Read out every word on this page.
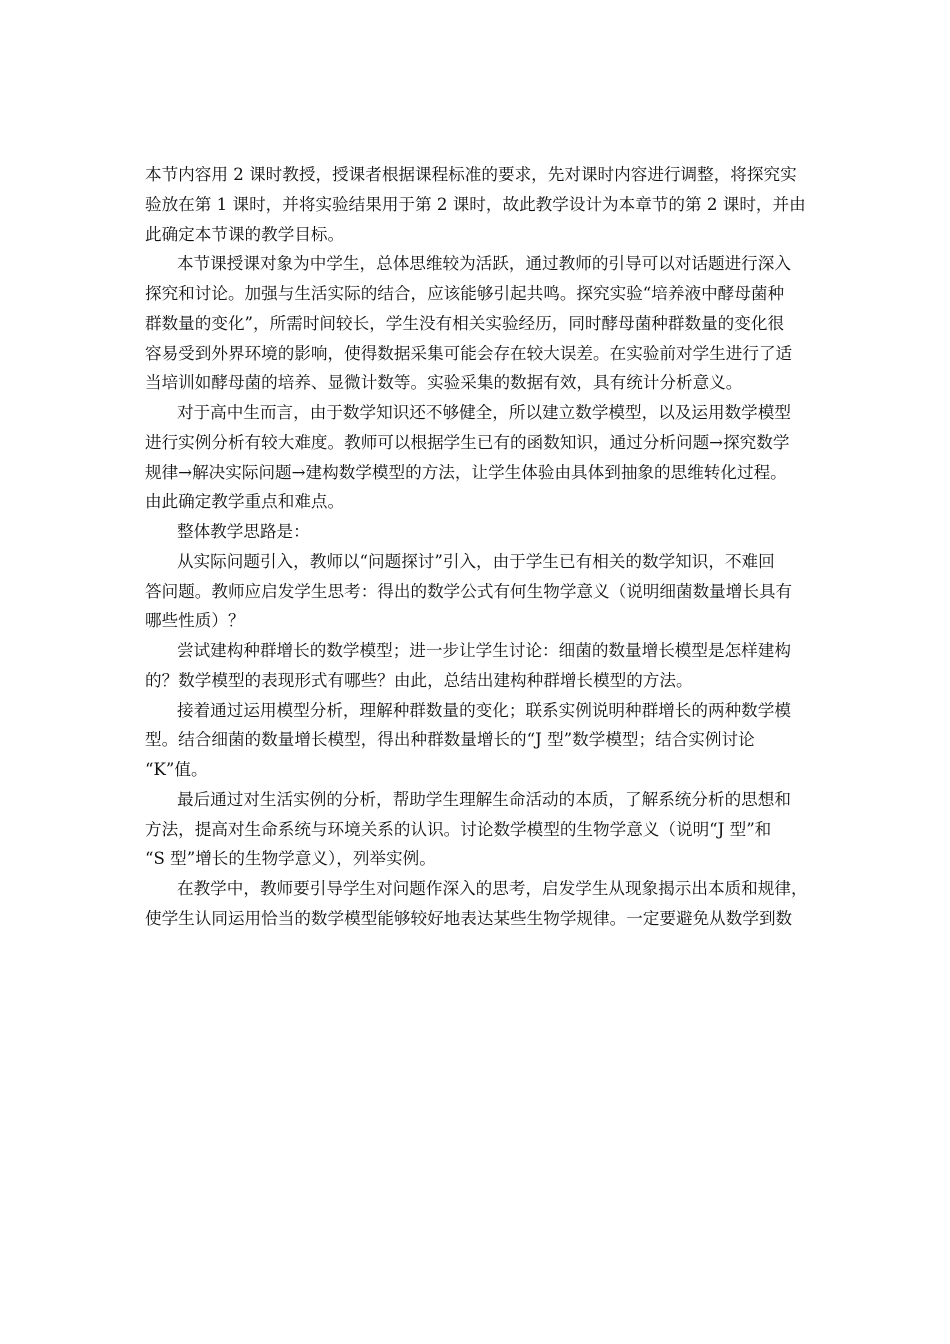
本节内容用 2 课时教授，授课者根据课程标准的要求，先对课时内容进行调整，将探究实
验放在第 1 课时，并将实验结果用于第 2 课时，故此教学设计为本章节的第 2 课时，并由
此确定本节课的教学目标。
本节课授课对象为中学生，总体思维较为活跃，通过教师的引导可以对话题进行深入
探究和讨论。加强与生活实际的结合，应该能够引起共鸣。探究实验“培养液中酵母菌种
群数量的变化”，所需时间较长，学生没有相关实验经历，同时酵母菌种群数量的变化很
容易受到外界环境的影响，使得数据采集可能会存在较大误差。在实验前对学生进行了适
当培训如酵母菌的培养、显微计数等。实验采集的数据有效，具有统计分析意义。
对于高中生而言，由于数学知识还不够健全，所以建立数学模型，以及运用数学模型
进行实例分析有较大难度。教师可以根据学生已有的函数知识，通过分析问题→探究数学
规律→解决实际问题→建构数学模型的方法，让学生体验由具体到抽象的思维转化过程。
由此确定教学重点和难点。
整体教学思路是：
从实际问题引入，教师以“问题探讨”引入，由于学生已有相关的数学知识，不难回
答问题。教师应启发学生思考：得出的数学公式有何生物学意义（说明细菌数量增长具有
哪些性质）？
尝试建构种群增长的数学模型；进一步让学生讨论：细菌的数量增长模型是怎样建构
的？数学模型的表现形式有哪些？由此，总结出建构种群增长模型的方法。
接着通过运用模型分析，理解种群数量的变化；联系实例说明种群增长的两种数学模
型。结合细菌的数量增长模型，得出种群数量增长的“J 型”数学模型；结合实例讨论
“K”值。
最后通过对生活实例的分析，帮助学生理解生命活动的本质，了解系统分析的思想和
方法，提高对生命系统与环境关系的认识。讨论数学模型的生物学意义（说明“J 型”和
“S 型”增长的生物学意义），列举实例。
在教学中，教师要引导学生对问题作深入的思考，启发学生从现象揭示出本质和规律，
使学生认同运用恰当的数学模型能够较好地表达某些生物学规律。一定要避免从数学到数
